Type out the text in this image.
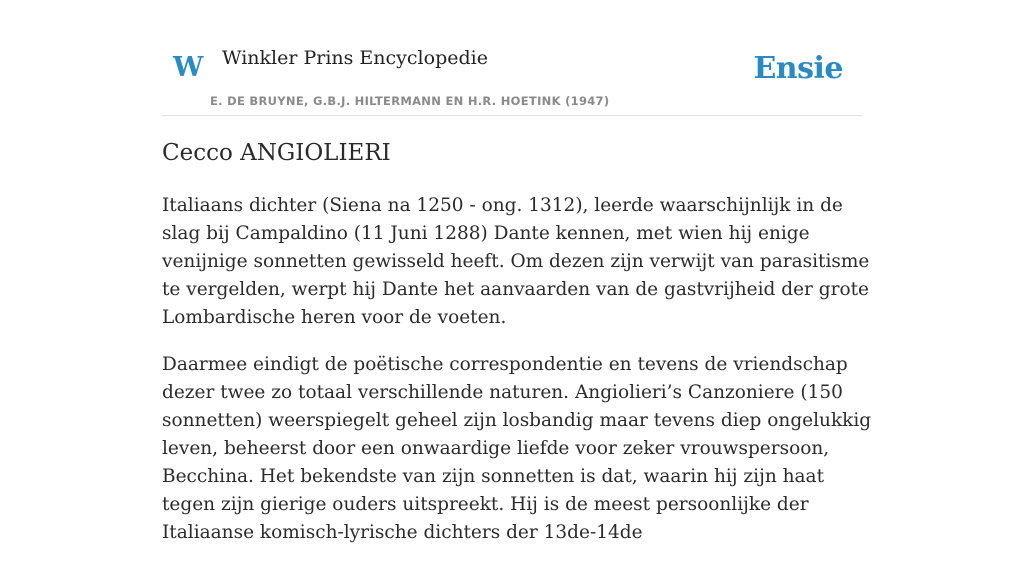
W Winkler Prins Encyclopedie
E. DE BRUYNE, G.B.J. HILTERMANN EN H.R. HOETINK (1947)
Ensie
Cecco ANGIOLIERI

Italiaans dichter (Siena na 1250 - ong. 1312), leerde waarschijnlijk in de slag bij Campaldino (11 Juni 1288) Dante kennen, met wien hij enige venijnige sonnetten gewisseld heeft. Om dezen zijn verwijt van parasitisme te vergelden, werpt hij Dante het aanvaarden van de gastvrijheid der grote Lombardische heren voor de voeten.

Daarmee eindigt de poëtische correspondentie en tevens de vriendschap dezer twee zo totaal verschillende naturen. Angiolieri’s Canzoniere (150 sonnetten) weerspiegelt geheel zijn losbandig maar tevens diep ongelukkig leven, beheerst door een onwaardige liefde voor zeker vrouwspersoon, Becchina. Het bekendste van zijn sonnetten is dat, waarin hij zijn haat tegen zijn gierige ouders uitspreekt. Hij is de meest persoonlijke der Italiaanse komisch-lyrische dichters der 13de-14de
